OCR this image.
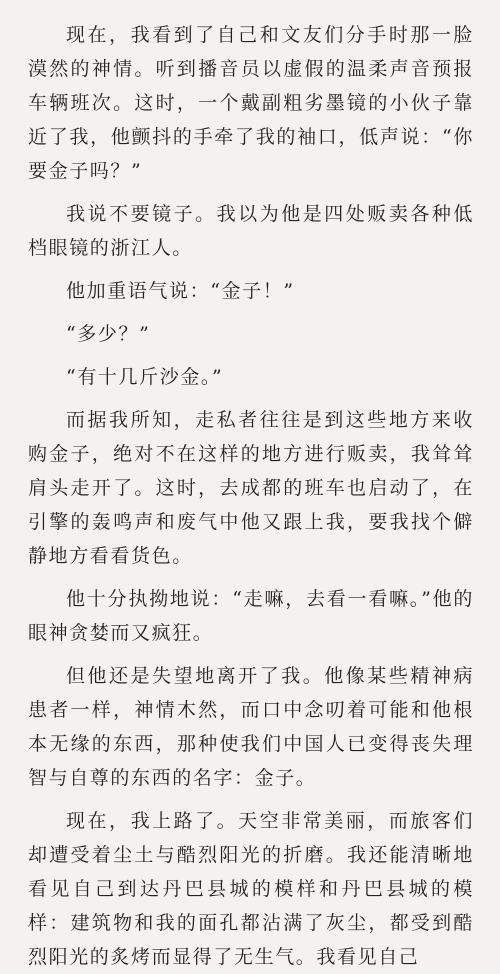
现在，我看到了自己和文友们分手时那一脸漠然的神情。听到播音员以虚假的温柔声音预报车辆班次。这时，一个戴副粗劣墨镜的小伙子靠近了我，他颤抖的手牵了我的袖口，低声说：“你要金子吗？”

我说不要镜子。我以为他是四处贩卖各种低档眼镜的浙江人。

他加重语气说：“金子！”

“多少？”

“有十几斤沙金。”

而据我所知，走私者往往是到这些地方来收购金子，绝对不在这样的地方进行贩卖，我耸耸肩头走开了。这时，去成都的班车也启动了，在引擎的轰鸣声和废气中他又跟上我，要我找个僻静地方看看货色。

他十分执拗地说：“走嘛，去看一看嘛。”他的眼神贪婪而又疯狂。

但他还是失望地离开了我。他像某些精神病患者一样，神情木然，而口中念叨着可能和他根本无缘的东西，那种使我们中国人已变得丧失理智与自尊的东西的名字：金子。

现在，我上路了。天空非常美丽，而旅客们却遭受着尘土与酷烈阳光的折磨。我还能清晰地看见自己到达丹巴县城的模样和丹巴县城的模样：建筑物和我的面孔都沾满了灰尘，都受到酷烈阳光的炙烤而显得了无生气。我看见自己
